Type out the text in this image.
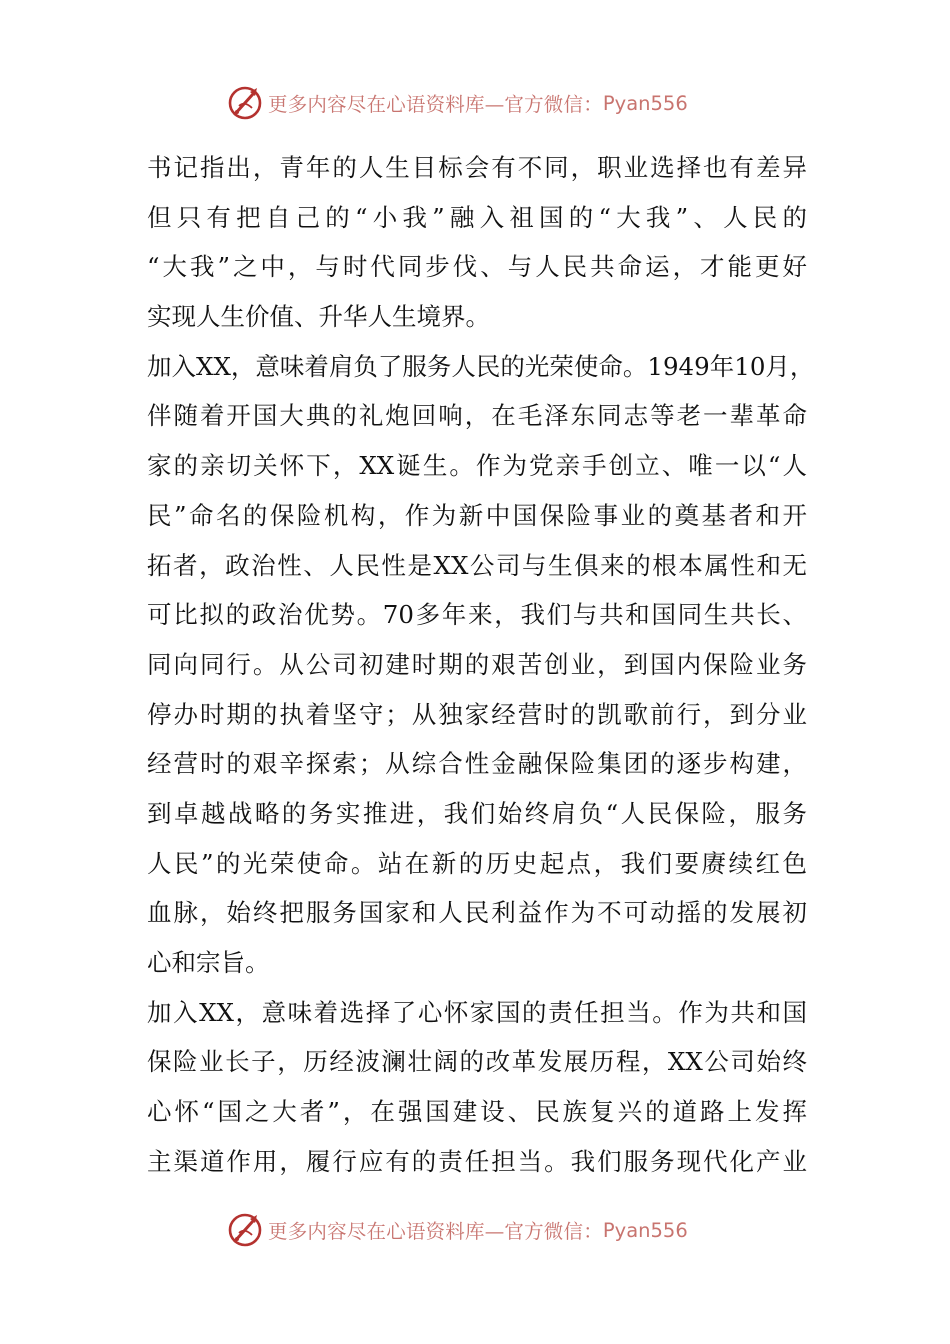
更多内容尽在心语资料库—官方微信： Pyan556
书记指出，青年的人生目标会有不同，职业选择也有差异
但只有把自己的“小我”融入祖国的“大我”、人民的
“大我”之中，与时代同步伐、与人民共命运，才能更好
实现人生价值、升华人生境界。
加入XX，意味着肩负了服务人民的光荣使命。1949年10月，
伴随着开国大典的礼炮回响，在毛泽东同志等老一辈革命
家的亲切关怀下，XX诞生。作为党亲手创立、唯一以“人
民”命名的保险机构，作为新中国保险事业的奠基者和开
拓者，政治性、人民性是XX公司与生俱来的根本属性和无
可比拟的政治优势。70多年来，我们与共和国同生共长、
同向同行。从公司初建时期的艰苦创业，到国内保险业务
停办时期的执着坚守；从独家经营时的凯歌前行，到分业
经营时的艰辛探索；从综合性金融保险集团的逐步构建，
到卓越战略的务实推进，我们始终肩负“人民保险，服务
人民”的光荣使命。站在新的历史起点，我们要赓续红色
血脉，始终把服务国家和人民利益作为不可动摇的发展初
心和宗旨。
加入XX，意味着选择了心怀家国的责任担当。作为共和国
保险业长子，历经波澜壮阔的改革发展历程，XX公司始终
心怀“国之大者”，在强国建设、民族复兴的道路上发挥
主渠道作用，履行应有的责任担当。我们服务现代化产业
更多内容尽在心语资料库—官方微信： Pyan556
